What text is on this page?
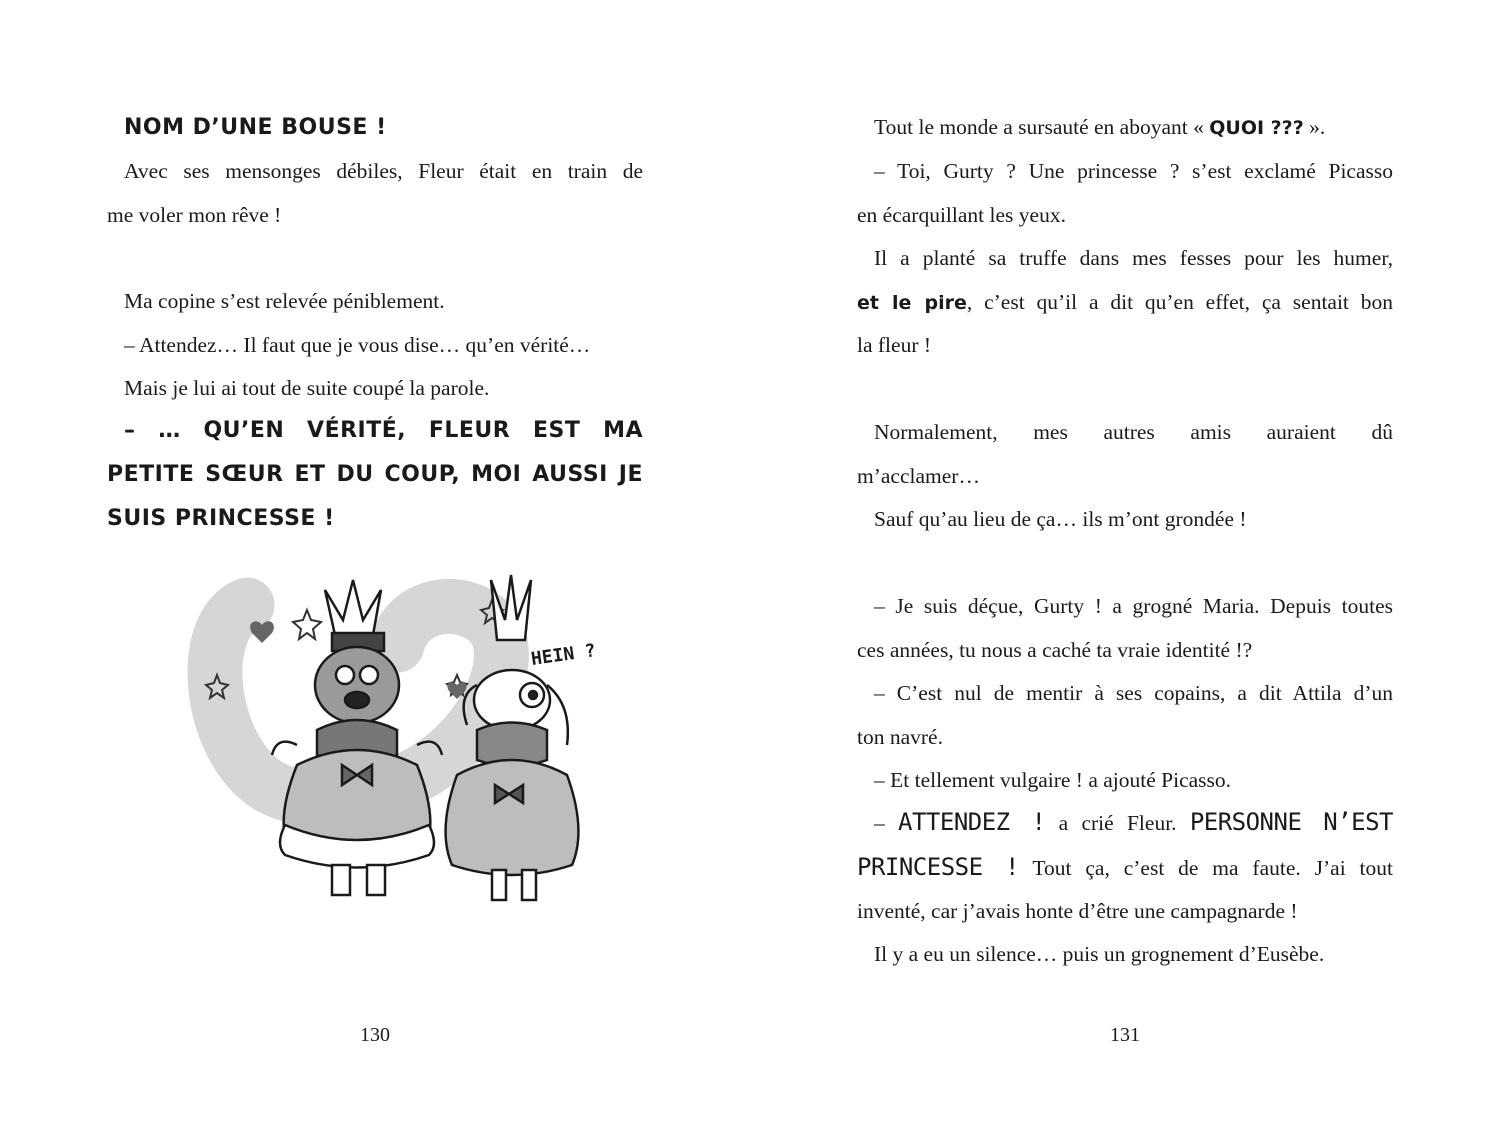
NOM D’UNE BOUSE !
Avec ses mensonges débiles, Fleur était en train de
me voler mon rêve !
Ma copine s’est relevée péniblement.
– Attendez… Il faut que je vous dise… qu’en vérité…
Mais je lui ai tout de suite coupé la parole.
– … QU’EN VÉRITÉ, FLEUR EST MA
PETITE SŒUR ET DU COUP, MOI AUSSI JE
SUIS PRINCESSE !
HEIN ?
130
Tout le monde a sursauté en aboyant « QUOI ??? ».
– Toi, Gurty ? Une princesse ? s’est exclamé Picasso
en écarquillant les yeux.
Il a planté sa truffe dans mes fesses pour les humer,
et le pire, c’est qu’il a dit qu’en effet, ça sentait bon
la fleur !
Normalement, mes autres amis auraient dû
m’acclamer…
Sauf qu’au lieu de ça… ils m’ont grondée !
– Je suis déçue, Gurty ! a grogné Maria. Depuis toutes
ces années, tu nous a caché ta vraie identité !?
– C’est nul de mentir à ses copains, a dit Attila d’un
ton navré.
– Et tellement vulgaire ! a ajouté Picasso.
– ATTENDEZ ! a crié Fleur. PERSONNE N’EST
PRINCESSE ! Tout ça, c’est de ma faute. J’ai tout
inventé, car j’avais honte d’être une campagnarde !
Il y a eu un silence… puis un grognement d’Eusèbe.
131
